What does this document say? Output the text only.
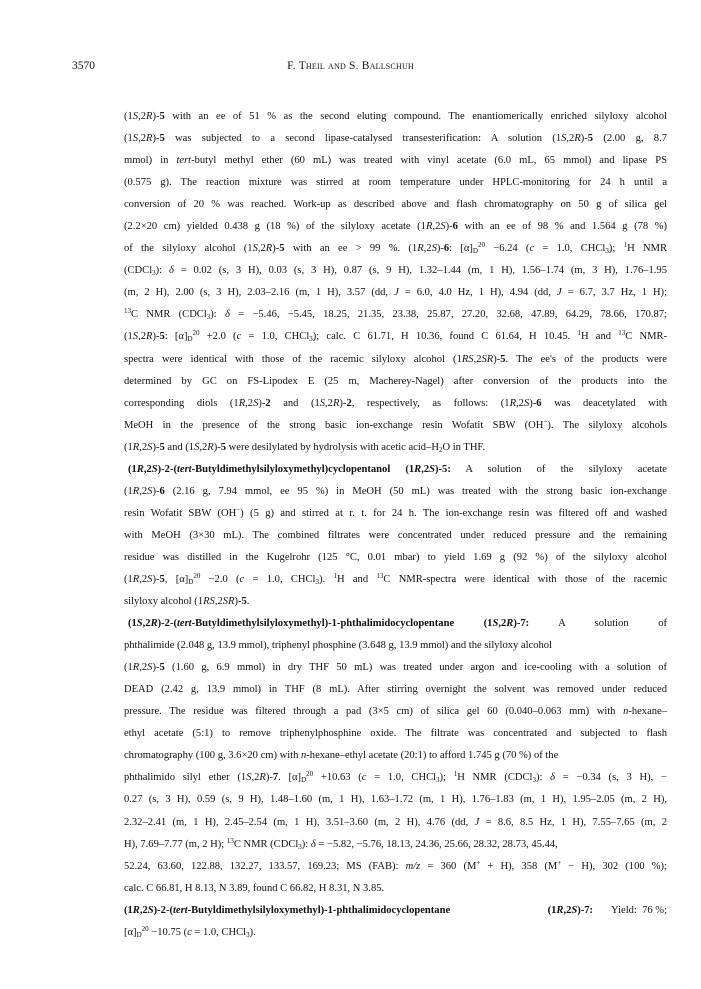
3570	F. Theil and S. Ballschuh
(1S,2R)-5 with an ee of 51 % as the second eluting compound. The enantiomerically enriched silyloxy alcohol
(1S,2R)-5 was subjected to a second lipase-catalysed transesterification: A solution (1S,2R)-5 (2.00 g, 8.7
mmol) in tert-butyl methyl ether (60 mL) was treated with vinyl acetate (6.0 mL, 65 mmol) and lipase PS
(0.575 g). The reaction mixture was stirred at room temperature under HPLC-monitoring for 24 h until a
conversion of 20 % was reached. Work-up as described above and flash chromatography on 50 g of silica gel
(2.2×20 cm) yielded 0.438 g (18 %) of the silyloxy acetate (1R,2S)-6 with an ee of 98 % and 1.564 g (78 %)
of the silyloxy alcohol (1S,2R)-5 with an ee > 99 %. (1R,2S)-6: $[\alpha]_D^{20} -6.24$ (c = 1.0, CHCl$_3$); $^1$H NMR
(CDCl$_3$): δ = 0.02 (s, 3 H), 0.03 (s, 3 H), 0.87 (s, 9 H), 1.32–1.44 (m, 1 H), 1.56–1.74 (m, 3 H), 1.76–1.95
(m, 2 H), 2.00 (s, 3 H), 2.03–2.16 (m, 1 H), 3.57 (dd, J = 6.0, 4.0 Hz, 1 H), 4.94 (dd, J = 6.7, 3.7 Hz, 1 H);
$^{13}$C NMR (CDCl$_3$): δ = −5.46, −5.45, 18.25, 21.35, 23.38, 25.87, 27.20, 32.68, 47.89, 64.29, 78.66, 170.87;
(1S,2R)-5: $[\alpha]_D^{20} +2.0$ (c = 1.0, CHCl$_3$); calc. C 61.71, H 10.36, found C 61.64, H 10.45. $^1$H and $^{13}$C NMR-
spectra were identical with those of the racemic silyloxy alcohol (1RS,2SR)-5. The ee's of the products were
determined by GC on FS-Lipodex E (25 m, Macherey-Nagel) after conversion of the products into the
corresponding diols (1R,2S)-2 and (1S,2R)-2, respectively, as follows: (1R,2S)-6 was deacetylated with
MeOH in the presence of the strong basic ion-exchange resin Wofatit SBW (OH−). The silyloxy alcohols
(1R,2S)-5 and (1S,2R)-5 were desilylated by hydrolysis with acetic acid–$H_2O$ in THF.
(1R,2S)-2-(tert-Butyldimethylsilyloxymethyl)cyclopentanol (1R,2S)-5: A solution of the silyloxy acetate
(1R,2S)-6 (2.16 g, 7.94 mmol, ee 95 %) in MeOH (50 mL) was treated with the strong basic ion-exchange
resin Wofatit SBW (OH−) (5 g) and stirred at r. t. for 24 h. The ion-exchange resin was filtered off and washed
with MeOH (3×30 mL). The combined filtrates were concentrated under reduced pressure and the remaining
residue was distilled in the Kugelrohr (125 °C, 0.01 mbar) to yield 1.69 g (92 %) of the silyloxy alcohol
(1R,2S)-5, $[\alpha]_D^{20} -2.0$ (c = 1.0, CHCl$_3$). $^1$H and $^{13}$C NMR-spectra were identical with those of the racemic
silyloxy alcohol (1RS,2SR)-5.
(1S,2R)-2-(tert-Butyldimethylsilyloxymethyl)-1-phthalimidocyclopentane (1S,2R)-7: A solution of
phthalimide (2.048 g, 13.9 mmol), triphenyl phosphine (3.648 g, 13.9 mmol) and the silyloxy alcohol
(1R,2S)-5 (1.60 g, 6.9 mmol) in dry THF 50 mL) was treated under argon and ice-cooling with a solution of
DEAD (2.42 g, 13.9 mmol) in THF (8 mL). After stirring overnight the solvent was removed under reduced
pressure. The residue was filtered through a pad (3×5 cm) of silica gel 60 (0.040–0.063 mm) with n-hexane–
ethyl acetate (5:1) to remove triphenylphosphine oxide. The filtrate was concentrated and subjected to flash
chromatography (100 g, 3.6×20 cm) with n-hexane–ethyl acetate (20:1) to afford 1.745 g (70 %) of the
phthalimido silyl ether (1S,2R)-7. $[\alpha]_D^{20} +10.63$ (c = 1.0, CHCl$_3$); $^1$H NMR (CDCl$_3$): δ = −0.34 (s, 3 H), −
0.27 (s, 3 H), 0.59 (s, 9 H), 1.48–1.60 (m, 1 H), 1.63–1.72 (m, 1 H), 1.76–1.83 (m, 1 H), 1.95–2.05 (m, 2 H),
2.32–2.41 (m, 1 H), 2.45–2.54 (m, 1 H), 3.51–3.60 (m, 2 H), 4.76 (dd, J = 8.6, 8.5 Hz, 1 H), 7.55–7.65 (m, 2
H), 7.69–7.77 (m, 2 H); $^{13}$C NMR (CDCl$_3$): δ = −5.82, −5.76, 18.13, 24.36, 25.66, 28.32, 28.73, 45.44,
52.24, 63.60, 122.88, 132.27, 133.57, 169.23; MS (FAB): m/z = 360 (M+ + H), 358 (M+ − H), 302 (100 %);
calc. C 66.81, H 8.13, N 3.89, found C 66.82, H 8.31, N 3.85.
(1R,2S)-2-(tert-Butyldimethylsilyloxymethyl)-1-phthalimidocyclopentane	(1R,2S)-7: Yield:  76 %;
$[\alpha]_D^{20} -10.75$ (c = 1.0, CHCl$_3$).
